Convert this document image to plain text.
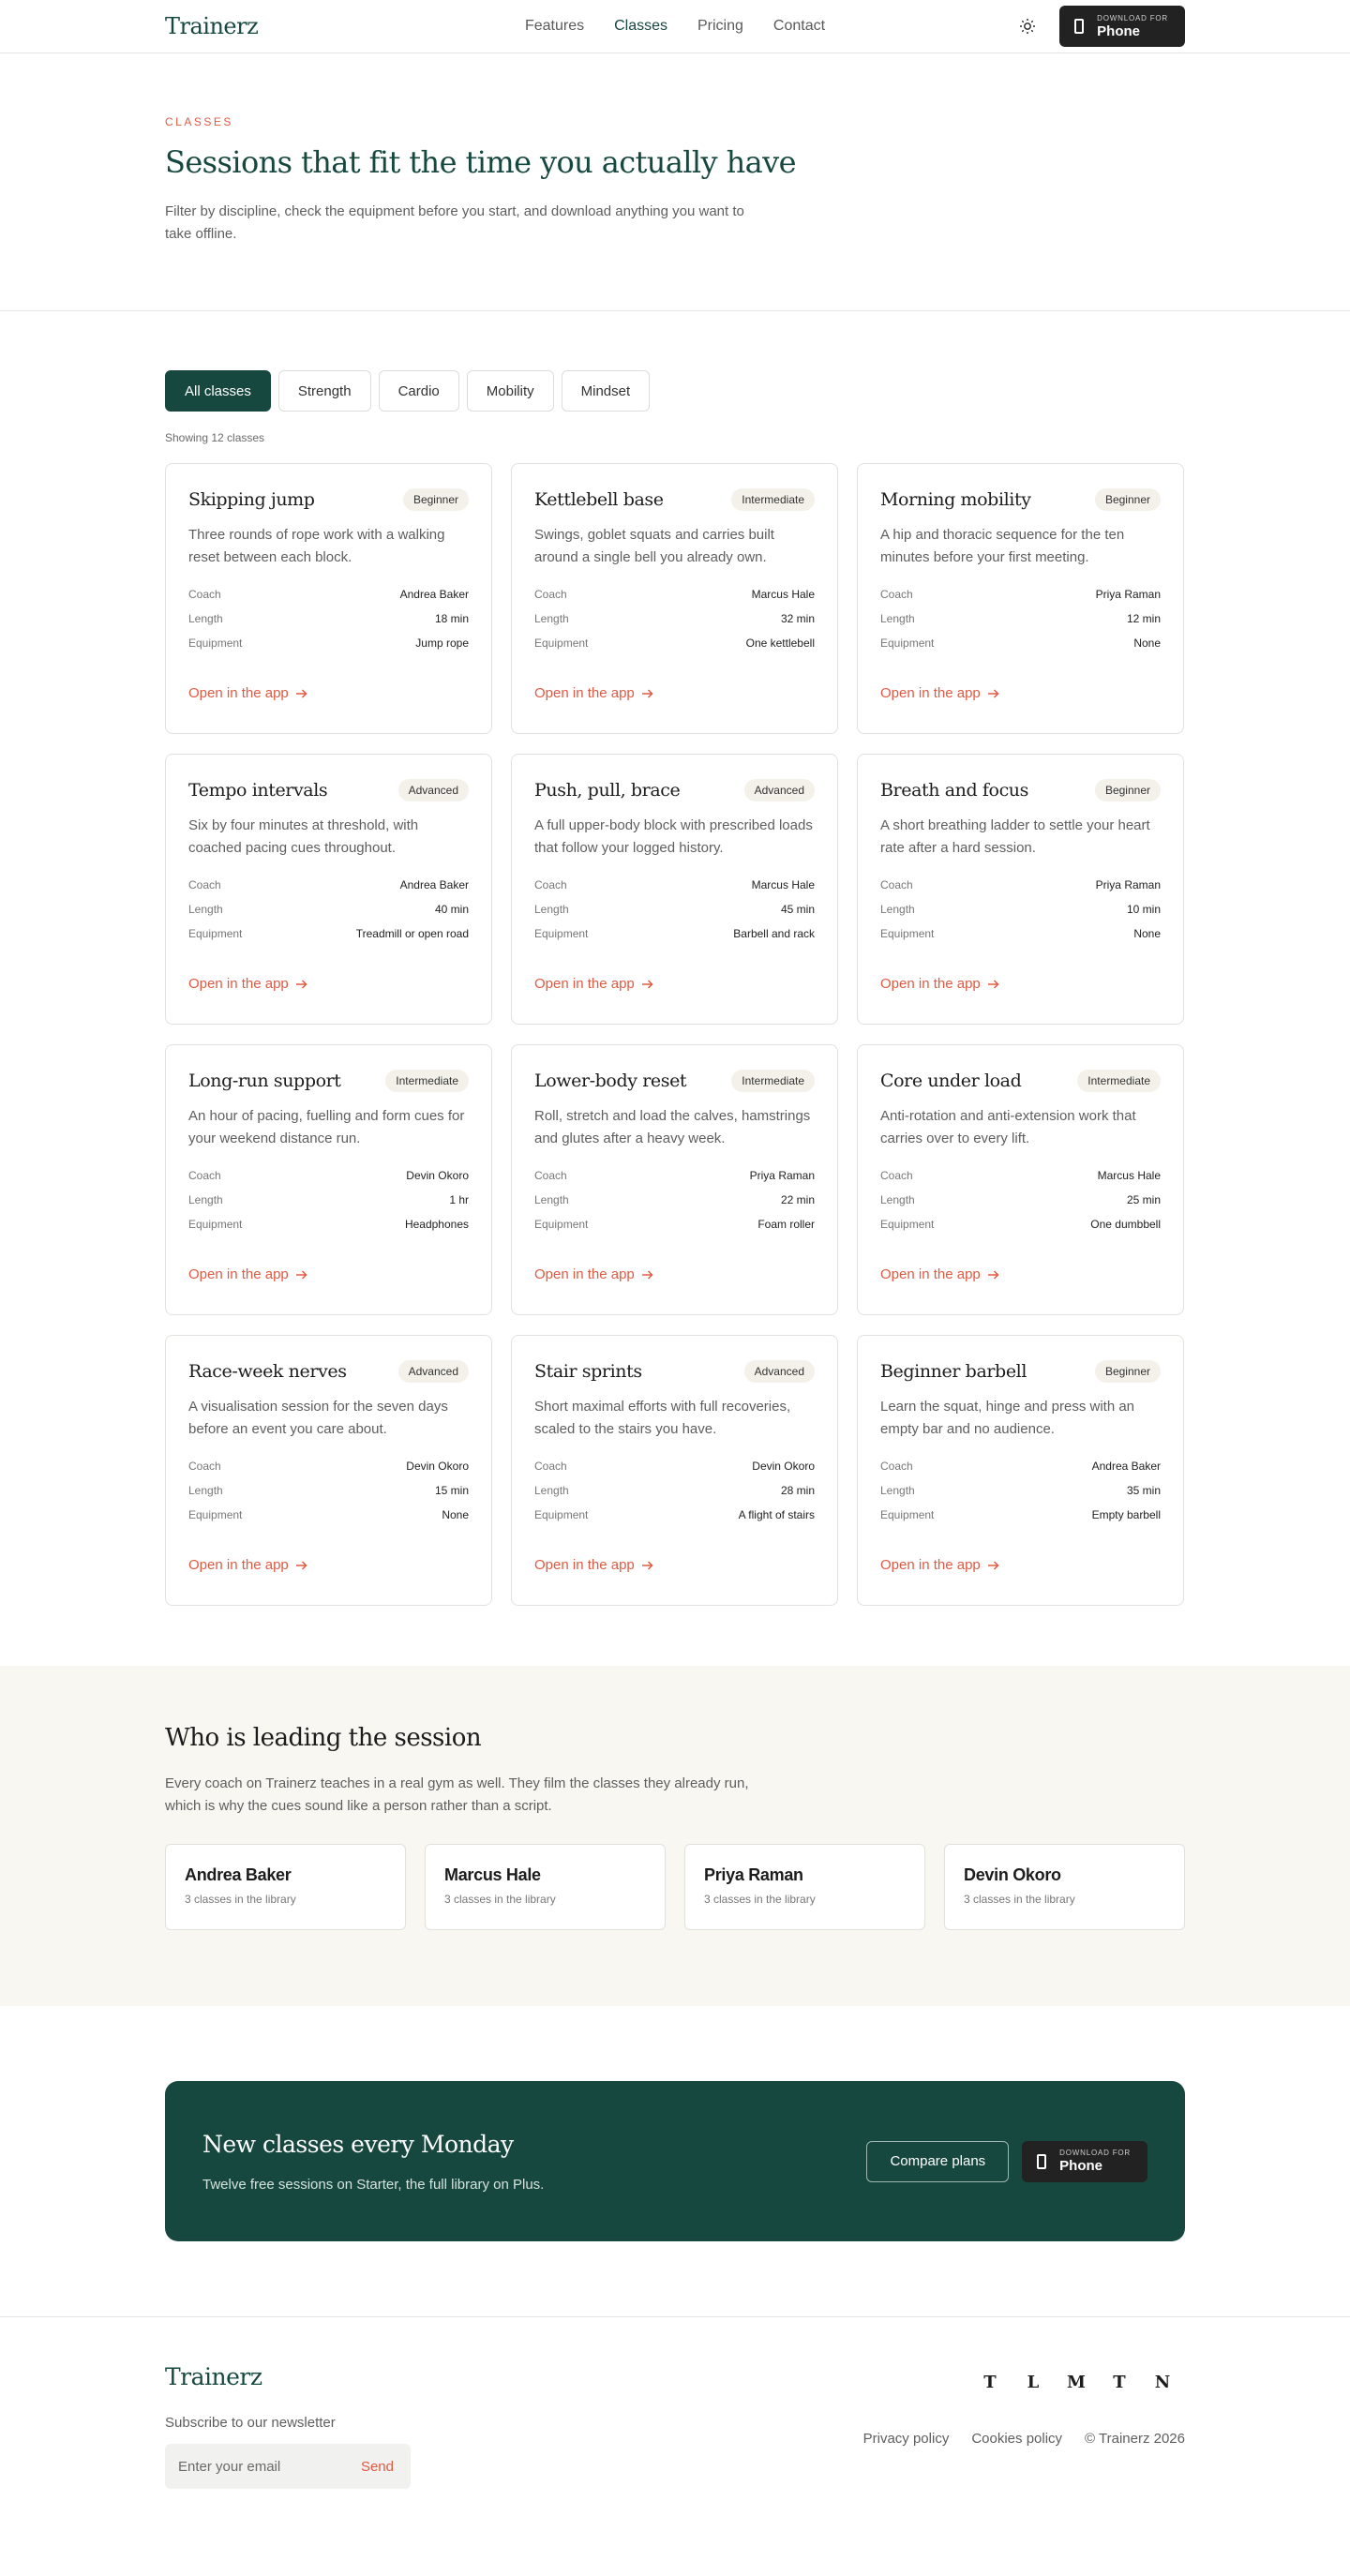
Trainerz	Features Classes Pricing Contact	DOWNLOAD FOR
Phone
CLASSES
Sessions that fit the time you actually have

Filter by discipline, check the equipment before you start, and download anything you want to take offline.

All classes	Strength	Cardio	Mobility	Mindset
Showing 12 classes
Skipping jump	Beginner
Three rounds of rope work with a walking reset between each block.
Coach	Andrea Baker
Length	18 min
Equipment	Jump rope
Open in the app
Kettlebell base	Intermediate
Swings, goblet squats and carries built around a single bell you already own.
Coach	Marcus Hale
Length	32 min
Equipment	One kettlebell
Open in the app
Morning mobility	Beginner
A hip and thoracic sequence for the ten minutes before your first meeting.
Coach	Priya Raman
Length	12 min
Equipment	None
Open in the app
Tempo intervals	Advanced
Six by four minutes at threshold, with coached pacing cues throughout.
Coach	Andrea Baker
Length	40 min
Equipment	Treadmill or open road
Open in the app
Push, pull, brace	Advanced
A full upper-body block with prescribed loads that follow your logged history.
Coach	Marcus Hale
Length	45 min
Equipment	Barbell and rack
Open in the app
Breath and focus	Beginner
A short breathing ladder to settle your heart rate after a hard session.
Coach	Priya Raman
Length	10 min
Equipment	None
Open in the app
Long-run support	Intermediate
An hour of pacing, fuelling and form cues for your weekend distance run.
Coach	Devin Okoro
Length	1 hr
Equipment	Headphones
Open in the app
Lower-body reset	Intermediate
Roll, stretch and load the calves, hamstrings and glutes after a heavy week.
Coach	Priya Raman
Length	22 min
Equipment	Foam roller
Open in the app
Core under load	Intermediate
Anti-rotation and anti-extension work that carries over to every lift.
Coach	Marcus Hale
Length	25 min
Equipment	One dumbbell
Open in the app
Race-week nerves	Advanced
A visualisation session for the seven days before an event you care about.
Coach	Devin Okoro
Length	15 min
Equipment	None
Open in the app
Stair sprints	Advanced
Short maximal efforts with full recoveries, scaled to the stairs you have.
Coach	Devin Okoro
Length	28 min
Equipment	A flight of stairs
Open in the app
Beginner barbell	Beginner
Learn the squat, hinge and press with an empty bar and no audience.
Coach	Andrea Baker
Length	35 min
Equipment	Empty barbell
Open in the app
Who is leading the session

Every coach on Trainerz teaches in a real gym as well. They film the classes they already run, which is why the cues sound like a person rather than a script.

Andrea Baker
3 classes in the library
Marcus Hale
3 classes in the library
Priya Raman
3 classes in the library
Devin Okoro
3 classes in the library
New classes every Monday

Twelve free sessions on Starter, the full library on Plus.

Compare plans
DOWNLOAD FOR
Phone
Trainerz
Subscribe to our newsletter
Enter your email
Send
T L M T N
Privacy policy Cookies policy © Trainerz 2026
